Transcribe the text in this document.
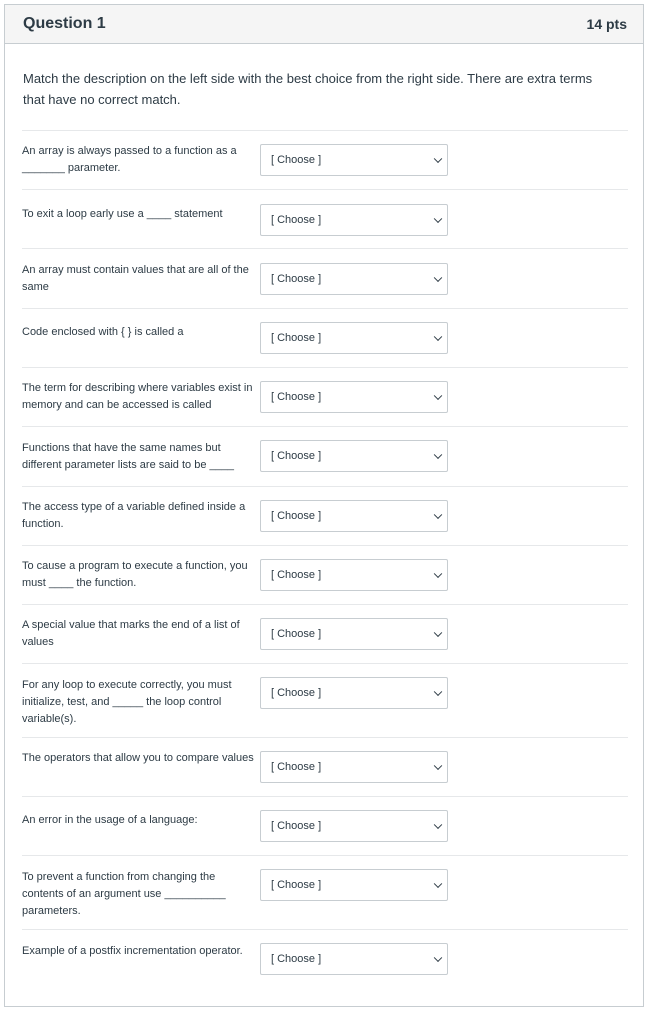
Question 1	14 pts

Match the description on the left side with the best choice from the right side. There are extra terms that have no correct match.

An array is always passed to a function as a _______ parameter.
[ Choose ]
To exit a loop early use a ____ statement	[ Choose ]
An array must contain values that are all of the same
[ Choose ]
Code enclosed with { } is called a	[ Choose ]
The term for describing where variables exist in memory and can be accessed is called
[ Choose ]
Functions that have the same names but different parameter lists are said to be ____
[ Choose ]
The access type of a variable defined inside a function.
[ Choose ]
To cause a program to execute a function, you must ____ the function.
[ Choose ]
A special value that marks the end of a list of values
[ Choose ]
For any loop to execute correctly, you must initialize, test, and _____ the loop control variable(s).
[ Choose ]
The operators that allow you to compare values
[ Choose ]
An error in the usage of a language:	[ Choose ]
To prevent a function from changing the contents of an argument use __________ parameters.
[ Choose ]
Example of a postfix incrementation operator.
[ Choose ]
